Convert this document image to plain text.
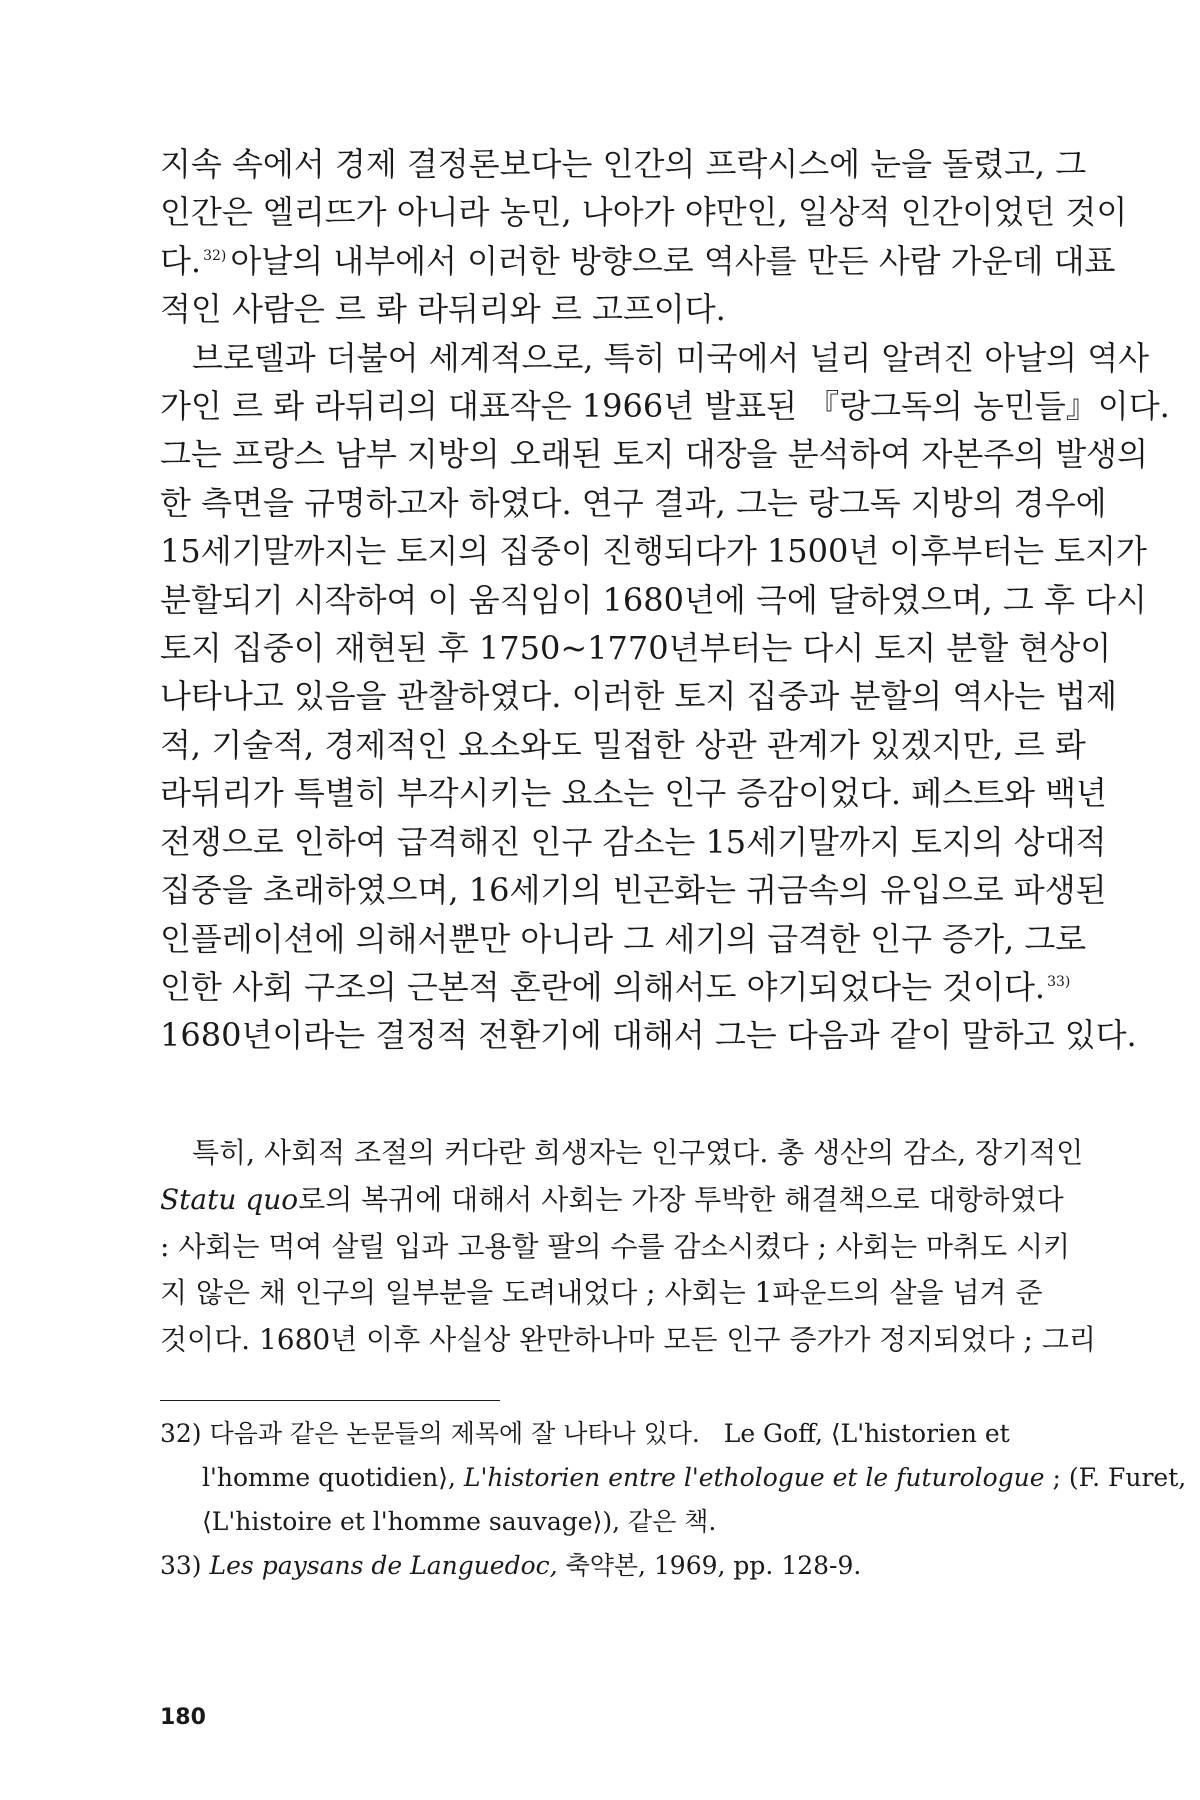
지속 속에서 경제 결정론보다는 인간의 프락시스에 눈을 돌렸고, 그
인간은 엘리뜨가 아니라 농민, 나아가 야만인, 일상적 인간이었던 것이
다. $^{32)}$ 아날의 내부에서 이러한 방향으로 역사를 만든 사람 가운데 대표
적인 사람은 르 롸 라뒤리와 르 고프이다.
브로델과 더불어 세계적으로, 특히 미국에서 널리 알려진 아날의 역사
가인 르 롸 라뒤리의 대표작은 1966년 발표된 『랑그독의 농민들』이다.
그는 프랑스 남부 지방의 오래된 토지 대장을 분석하여 자본주의 발생의
한 측면을 규명하고자 하였다. 연구 결과, 그는 랑그독 지방의 경우에
15세기말까지는 토지의 집중이 진행되다가 1500년 이후부터는 토지가
분할되기 시작하여 이 움직임이 1680년에 극에 달하였으며, 그 후 다시
토지 집중이 재현된 후 1750~1770년부터는 다시 토지 분할 현상이
나타나고 있음을 관찰하였다. 이러한 토지 집중과 분할의 역사는 법제
적, 기술적, 경제적인 요소와도 밀접한 상관 관계가 있겠지만, 르 롸
라뒤리가 특별히 부각시키는 요소는 인구 증감이었다. 페스트와 백년
전쟁으로 인하여 급격해진 인구 감소는 15세기말까지 토지의 상대적
집중을 초래하였으며, 16세기의 빈곤화는 귀금속의 유입으로 파생된
인플레이션에 의해서뿐만 아니라 그 세기의 급격한 인구 증가, 그로
인한 사회 구조의 근본적 혼란에 의해서도 야기되었다는 것이다. $^{33)}$
1680년이라는 결정적 전환기에 대해서 그는 다음과 같이 말하고 있다.
특히, 사회적 조절의 커다란 희생자는 인구였다. 총 생산의 감소, 장기적인
Statu quo로의 복귀에 대해서 사회는 가장 투박한 해결책으로 대항하였다
: 사회는 먹여 살릴 입과 고용할 팔의 수를 감소시켰다 ; 사회는 마취도 시키
지 않은 채 인구의 일부분을 도려내었다 ; 사회는 1파운드의 살을 넘겨 준
것이다. 1680년 이후 사실상 완만하나마 모든 인구 증가가 정지되었다 ; 그리
32) 다음과 같은 논문들의 제목에 잘 나타나 있다. Le Goff, ⟨L'historien et
l'homme quotidien⟩, L'historien entre l'ethologue et le futurologue ; (F. Furet,
⟨L'histoire et l'homme sauvage⟩), 같은 책.
33) Les paysans de Languedoc, 축약본, 1969, pp. 128-9.
180
